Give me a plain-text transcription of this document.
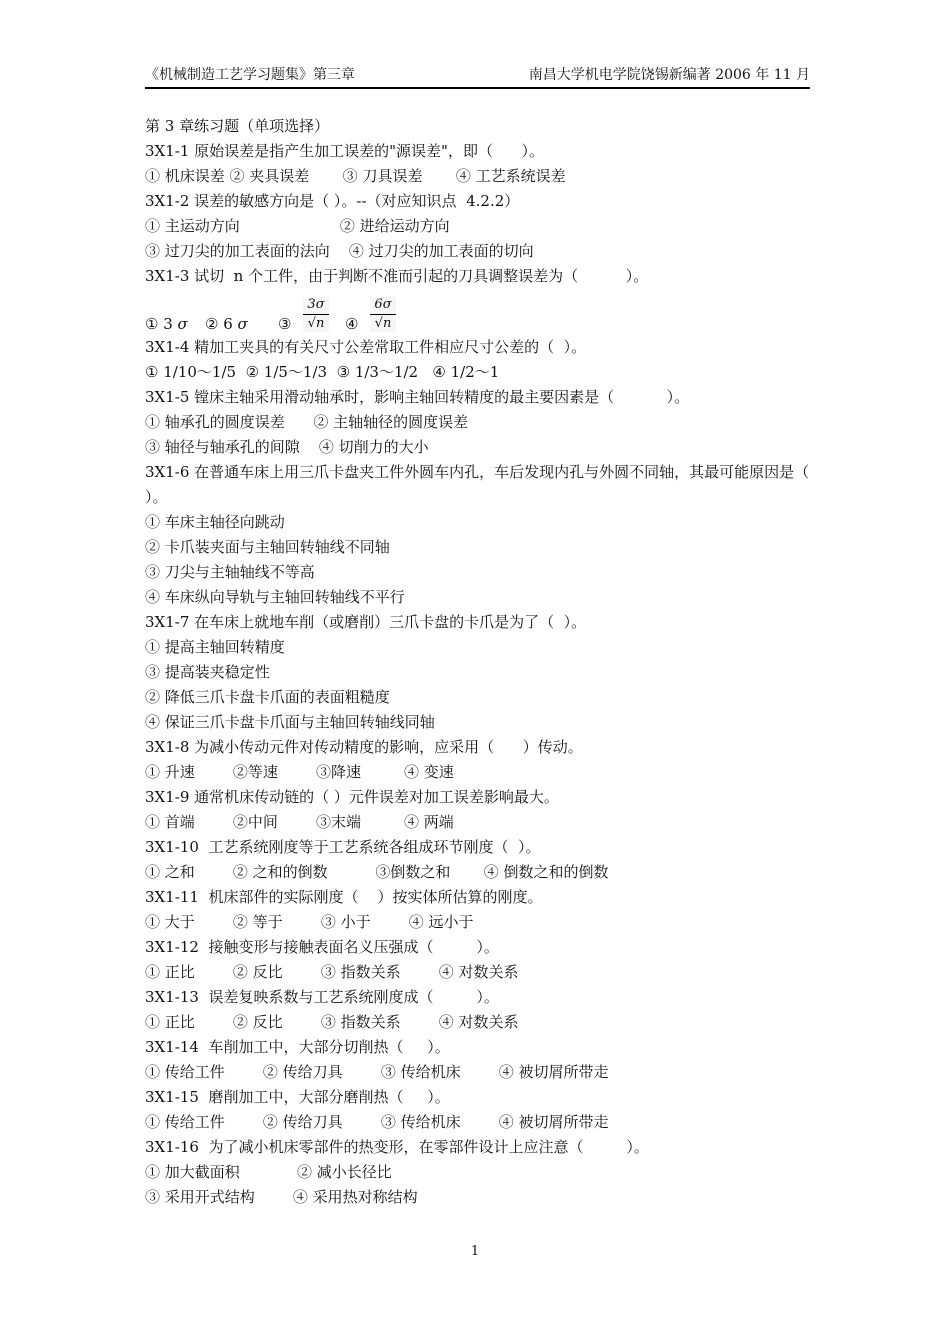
《机械制造工艺学习题集》第三章	南昌大学机电学院饶锡新编著 2006 年 11 月
第 3 章练习题（单项选择）
3X1-1 原始误差是指产生加工误差的"源误差"，即（      ）。
① 机床误差 ② 夹具误差       ③ 刀具误差       ④ 工艺系统误差
3X1-2 误差的敏感方向是（ ）。--（对应知识点  4.2.2）
① 主运动方向                     ② 进给运动方向
③ 过刀尖的加工表面的法向    ④ 过刀尖的加工表面的切向
3X1-3 试切  n 个工件，由于判断不准而引起的刀具调整误差为（          ）。
① 3 σ ② 6 σ ③ $\frac{3\sigma}{√n}$ ④ $\frac{6\sigma}{√n}$
3X1-4 精加工夹具的有关尺寸公差常取工件相应尺寸公差的（  ）。
① 1/10～1/5  ② 1/5～1/3  ③ 1/3～1/2   ④ 1/2～1
3X1-5 镗床主轴采用滑动轴承时，影响主轴回转精度的最主要因素是（           ）。
① 轴承孔的圆度误差      ② 主轴轴径的圆度误差
③ 轴径与轴承孔的间隙    ④ 切削力的大小
3X1-6 在普通车床上用三爪卡盘夹工件外圆车内孔，车后发现内孔与外圆不同轴，其最可能原因是（ ）。
① 车床主轴径向跳动
② 卡爪装夹面与主轴回转轴线不同轴
③ 刀尖与主轴轴线不等高
④ 车床纵向导轨与主轴回转轴线不平行
3X1-7 在车床上就地车削（或磨削）三爪卡盘的卡爪是为了（  ）。
① 提高主轴回转精度
③ 提高装夹稳定性
② 降低三爪卡盘卡爪面的表面粗糙度
④ 保证三爪卡盘卡爪面与主轴回转轴线同轴
3X1-8 为减小传动元件对传动精度的影响，应采用（      ）传动。
① 升速        ②等速        ③降速         ④ 变速
3X1-9 通常机床传动链的（ ）元件误差对加工误差影响最大。
① 首端        ②中间        ③末端         ④ 两端
3X1-10  工艺系统刚度等于工艺系统各组成环节刚度（  ）。
① 之和        ② 之和的倒数          ③倒数之和       ④ 倒数之和的倒数
3X1-11  机床部件的实际刚度（    ）按实体所估算的刚度。
① 大于        ② 等于        ③ 小于        ④ 远小于
3X1-12  接触变形与接触表面名义压强成（         ）。
① 正比        ② 反比        ③ 指数关系        ④ 对数关系
3X1-13  误差复映系数与工艺系统刚度成（         ）。
① 正比        ② 反比        ③ 指数关系        ④ 对数关系
3X1-14  车削加工中，大部分切削热（     ）。
① 传给工件        ② 传给刀具        ③ 传给机床        ④ 被切屑所带走
3X1-15  磨削加工中，大部分磨削热（     ）。
① 传给工件        ② 传给刀具        ③ 传给机床        ④ 被切屑所带走
3X1-16  为了减小机床零部件的热变形，在零部件设计上应注意（         ）。
① 加大截面积            ② 减小长径比
③ 采用开式结构        ④ 采用热对称结构
1
